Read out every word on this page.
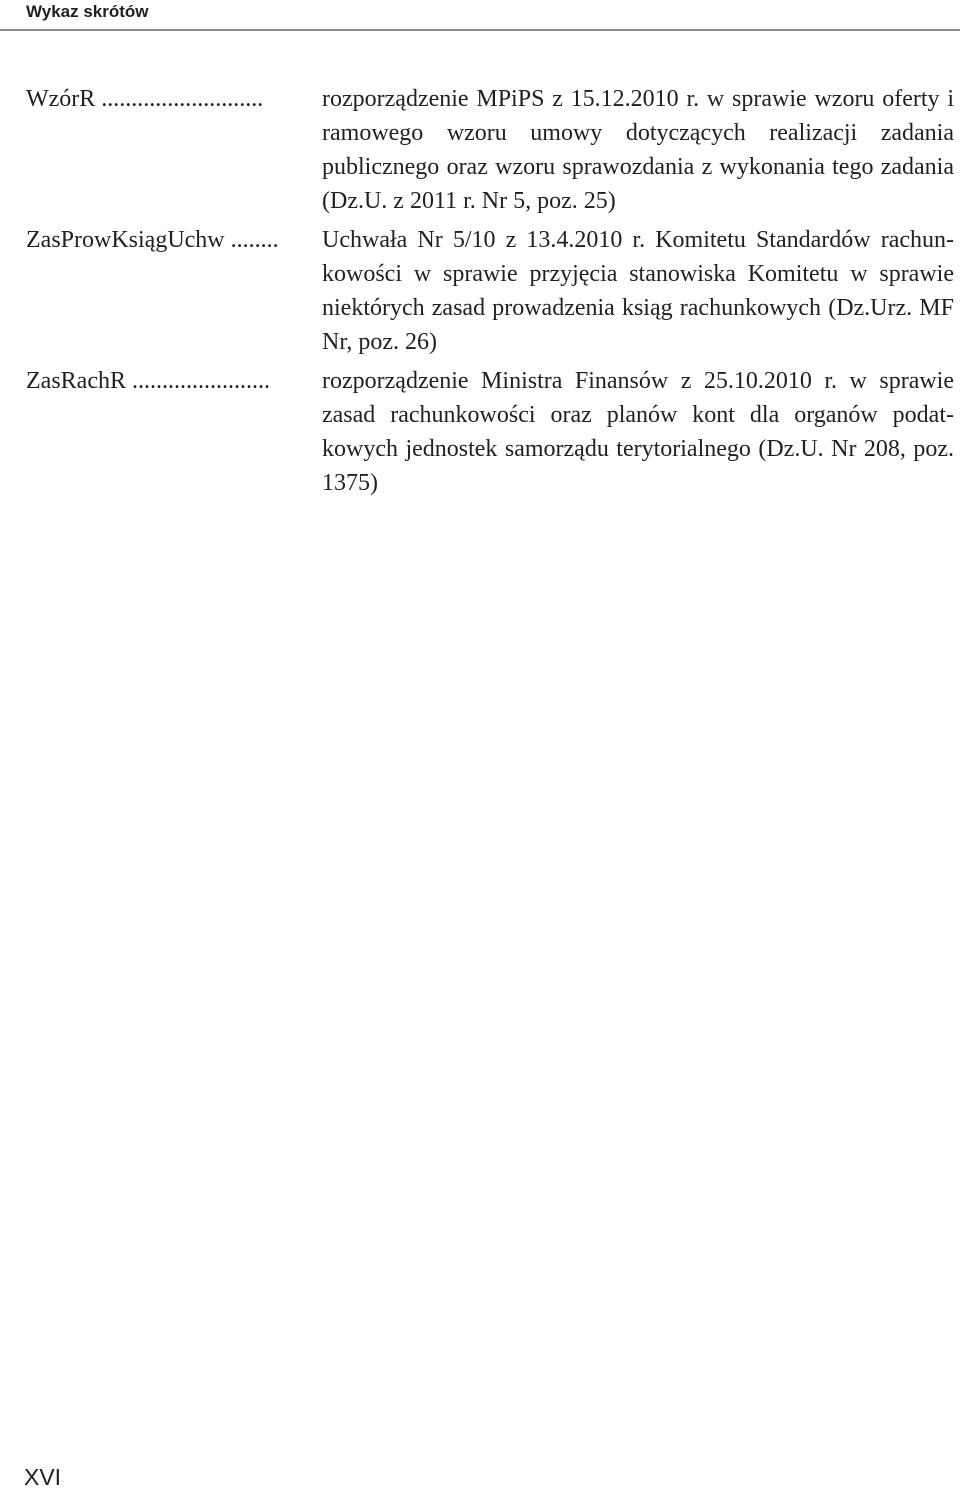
Wykaz skrótów
WzórR ........................... rozporządzenie MPiPS z 15.12.2010 r. w sprawie wzoru oferty i ramowego wzoru umowy dotyczących realizacji zadania publicznego oraz wzoru sprawozdania z wykonania tego zadania (Dz.U. z 2011 r. Nr 5, poz. 25)
ZasProwKsiągUchw ........ Uchwała Nr 5/10 z 13.4.2010 r. Komitetu Standardów rachunkowości w sprawie przyjęcia stanowiska Komitetu w sprawie niektórych zasad prowadzenia ksiąg rachunkowych (Dz.Urz. MF Nr, poz. 26)
ZasRachR ....................... rozporządzenie Ministra Finansów z 25.10.2010 r. w sprawie zasad rachunkowości oraz planów kont dla organów podatkowych jednostek samorządu terytorialnego (Dz.U. Nr 208, poz. 1375)
XVI
